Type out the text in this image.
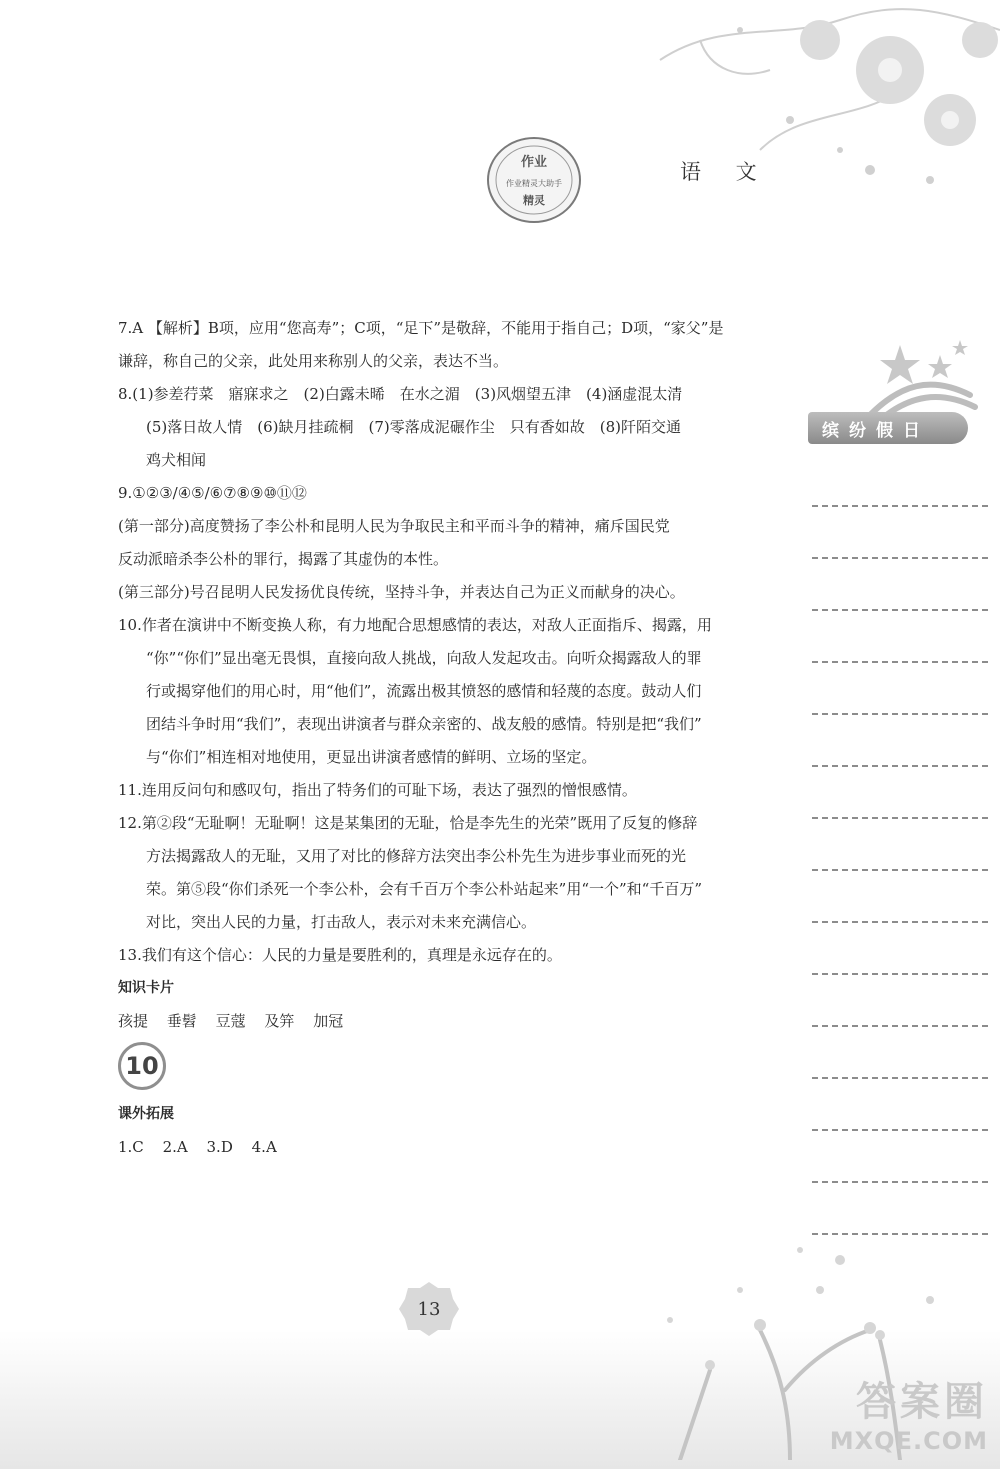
语 文
作业
作业精灵大助手
精灵

7.A 【解析】B项，应用“您高寿”；C项，“足下”是敬辞，不能用于指自己；D项，“家父”是

谦辞，称自己的父亲，此处用来称别人的父亲，表达不当。

8.(1)参差荇菜　寤寐求之　(2)白露未晞　在水之湄　(3)风烟望五津　(4)涵虚混太清

(5)落日故人情　(6)缺月挂疏桐　(7)零落成泥碾作尘　只有香如故　(8)阡陌交通

鸡犬相闻

9.①②③/④⑤/⑥⑦⑧⑨⑩⑪⑫

(第一部分)高度赞扬了李公朴和昆明人民为争取民主和平而斗争的精神，痛斥国民党

反动派暗杀李公朴的罪行，揭露了其虚伪的本性。

(第三部分)号召昆明人民发扬优良传统，坚持斗争，并表达自己为正义而献身的决心。

10.作者在演讲中不断变换人称，有力地配合思想感情的表达，对敌人正面指斥、揭露，用

“你”“你们”显出毫无畏惧，直接向敌人挑战，向敌人发起攻击。向听众揭露敌人的罪

行或揭穿他们的用心时，用“他们”，流露出极其愤怒的感情和轻蔑的态度。鼓动人们

团结斗争时用“我们”，表现出讲演者与群众亲密的、战友般的感情。特别是把“我们”

与“你们”相连相对地使用，更显出讲演者感情的鲜明、立场的坚定。

11.连用反问句和感叹句，指出了特务们的可耻下场，表达了强烈的憎恨感情。

12.第②段“无耻啊！无耻啊！这是某集团的无耻，恰是李先生的光荣”既用了反复的修辞

方法揭露敌人的无耻，又用了对比的修辞方法突出李公朴先生为进步事业而死的光

荣。第⑤段“你们杀死一个李公朴，会有千百万个李公朴站起来”用“一个”和“千百万”

对比，突出人民的力量，打击敌人，表示对未来充满信心。

13.我们有这个信心：人民的力量是要胜利的，真理是永远存在的。

知识卡片

孩提 垂髫 豆蔻 及笄 加冠

10

课外拓展

1.C 2.A 3.D 4.A

缤纷假日
13
答案圈
MXQE.COM
